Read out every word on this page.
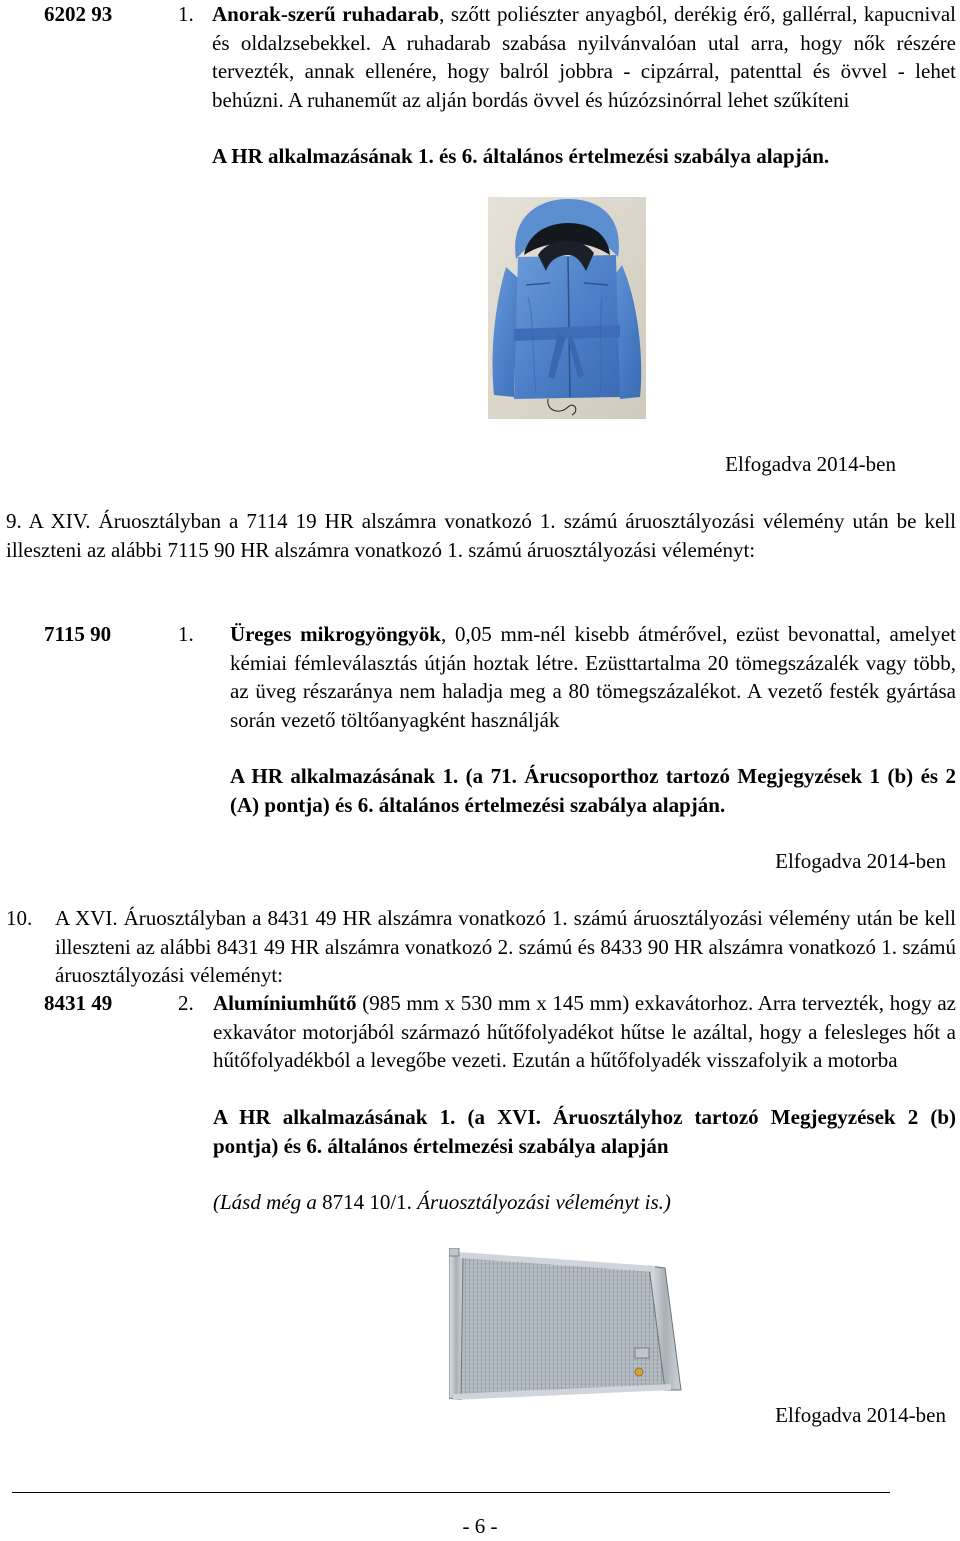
6202 93	1. Anorak-szerű ruhadarab, szőtt poliészter anyagból, derékig érő, gallérral, kapucnival és oldalzsebekkel. A ruhadarab szabása nyilvánvalóan utal arra, hogy nők részére tervezték, annak ellenére, hogy balról jobbra - cipzárral, patenttal és övvel - lehet behúzni. A ruhaneműt az alján bordás övvel és húzózsinórral lehet szűkíteni

A HR alkalmazásának 1. és 6. általános értelmezési szabálya alapján.
Elfogadva 2014-ben

9. A XIV. Áruosztályban a 7114 19 HR alszámra vonatkozó 1. számú áruosztályozási vélemény után be kell illeszteni az alábbi 7115 90 HR alszámra vonatkozó 1. számú áruosztályozási véleményt:

7115 90	1.	Üreges mikrogyöngyök, 0,05 mm-nél kisebb átmérővel, ezüst bevonattal, amelyet kémiai fémleválasztás útján hoztak létre. Ezüsttartalma 20 tömegszázalék vagy több, az üveg részaránya nem haladja meg a 80 tömegszázalékot. A vezető festék gyártása során vezető töltőanyagként használják

A HR alkalmazásának 1. (a 71. Árucsoporthoz tartozó Megjegyzések 1 (b) és 2 (A) pontja) és 6. általános értelmezési szabálya alapján.

Elfogadva 2014-ben
10.	A XVI. Áruosztályban a 8431 49 HR alszámra vonatkozó 1. számú áruosztályozási vélemény után be kell illeszteni az alábbi 8431 49 HR alszámra vonatkozó 2. számú és 8433 90 HR alszámra vonatkozó 1. számú áruosztályozási véleményt:

8431 49	2. Alumíniumhűtő (985 mm x 530 mm x 145 mm) exkavátorhoz. Arra tervezték, hogy az exkavátor motorjából származó hűtőfolyadékot hűtse le azáltal, hogy a felesleges hőt a hűtőfolyadékból a levegőbe vezeti. Ezután a hűtőfolyadék visszafolyik a motorba

A HR alkalmazásának 1. (a XVI. Áruosztályhoz tartozó Megjegyzések 2 (b) pontja) és 6. általános értelmezési szabálya alapján

(Lásd még a 8714 10/1. Áruosztályozási véleményt is.)

Elfogadva 2014-ben
- 6 -
